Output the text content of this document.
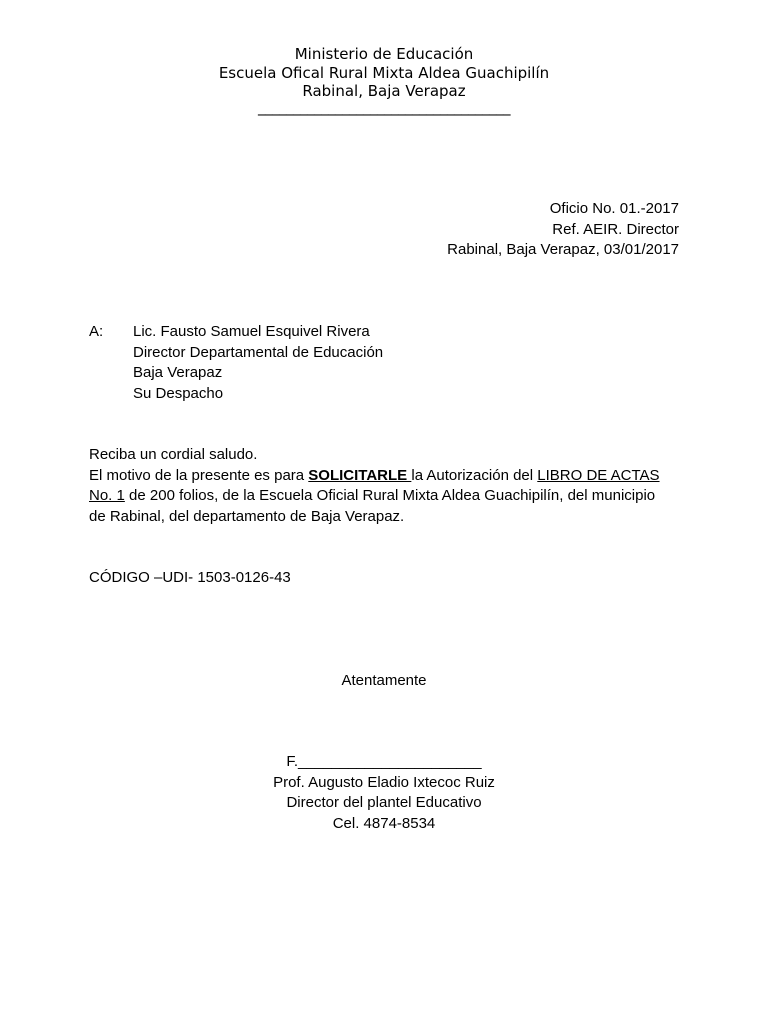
Ministerio de Educación
Escuela Ofical Rural Mixta Aldea Guachipilín
Rabinal, Baja Verapaz
____________________________________
Oficio No. 01.-2017
Ref. AEIR. Director
Rabinal, Baja Verapaz, 03/01/2017
A: Lic. Fausto Samuel Esquivel Rivera
Director Departamental de Educación
Baja Verapaz
Su Despacho
Reciba un cordial saludo.
El motivo de la presente es para SOLICITARLE la Autorización del LIBRO DE ACTAS
No. 1 de 200 folios, de la Escuela Oficial Rural Mixta Aldea Guachipilín, del municipio
de Rabinal, del departamento de Baja Verapaz.
CÓDIGO –UDI- 1503-0126-43
Atentamente
F.______________________
Prof. Augusto Eladio Ixtecoc Ruiz
Director del plantel Educativo
Cel. 4874-8534
